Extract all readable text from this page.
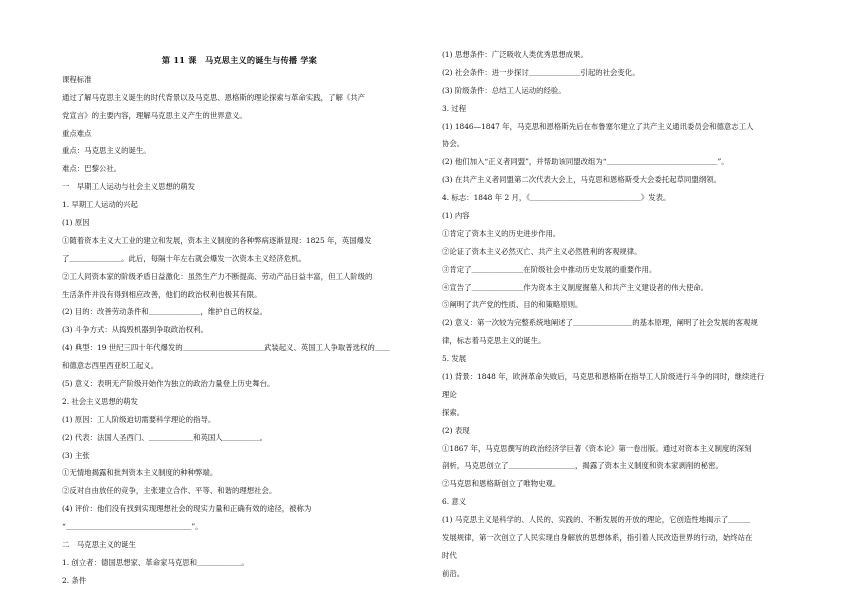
第 11 课　马克思主义的诞生与传播 学案
课程标准
通过了解马克思主义诞生的时代背景以及马克思、恩格斯的理论探索与革命实践，了解《共产
党宣言》的主要内容，理解马克思主义产生的世界意义。
重点难点
重点：马克思主义的诞生。
难点：巴黎公社。
一　早期工人运动与社会主义思想的萌发
1. 早期工人运动的兴起
(1) 原因
①随着资本主义大工业的建立和发展，资本主义制度的各种弊病逐渐显现：1825 年，英国爆发
了＿＿＿＿＿＿＿。此后，每隔十年左右就会爆发一次资本主义经济危机。
②工人同资本家的阶级矛盾日益激化：虽然生产力不断提高、劳动产品日益丰富，但工人阶级的
生活条件并没有得到相应改善，他们的政治权利也极其有限。
(2) 目的：改善劳动条件和＿＿＿＿＿＿＿，维护自己的权益。
(3) 斗争方式：从捣毁机器到争取政治权利。
(4) 典型：19 世纪三四十年代爆发的＿＿＿＿＿＿＿＿＿＿＿武装起义、英国工人争取普选权的＿＿
和德意志西里西亚织工起义。
(5) 意义：表明无产阶级开始作为独立的政治力量登上历史舞台。
2. 社会主义思想的萌发
(1) 原因：工人阶级迫切需要科学理论的指导。
(2) 代表：法国人圣西门、＿＿＿＿＿＿和英国人＿＿＿＿＿。
(3) 主张
①无情地揭露和批判资本主义制度的种种弊端。
②反对自由放任的竞争，主张建立合作、平等、和谐的理想社会。
(4) 评价：他们没有找到实现理想社会的现实力量和正确有效的途径，被称为
“＿＿＿＿＿＿＿＿＿＿＿＿＿＿＿＿＿”。
二　马克思主义的诞生
1. 创立者：德国思想家、革命家马克思和＿＿＿＿＿＿。
2. 条件
(1) 思想条件：广泛吸收人类优秀思想成果。
(2) 社会条件：进一步探讨＿＿＿＿＿＿＿引起的社会变化。
(3) 阶级条件：总结工人运动的经验。
3. 过程
(1) 1846—1847 年，马克思和恩格斯先后在布鲁塞尔建立了共产主义通讯委员会和德意志工人
协会。
(2) 他们加入“正义者同盟”，并帮助该同盟改组为“＿＿＿＿＿＿＿＿＿＿＿＿＿＿＿”。
(3) 在共产主义者同盟第二次代表大会上，马克思和恩格斯受大会委托起草同盟纲领。
4. 标志：1848 年 2 月，《＿＿＿＿＿＿＿＿＿＿＿＿＿＿＿》发表。
(1) 内容
①肯定了资本主义的历史进步作用。
②论证了资本主义必然灭亡、共产主义必然胜利的客观规律。
③肯定了＿＿＿＿＿＿＿在阶级社会中推动历史发展的重要作用。
④宣告了＿＿＿＿＿＿＿作为资本主义制度掘墓人和共产主义建设者的伟大使命。
⑤阐明了共产党的性质、目的和策略原则。
(2) 意义：第一次较为完整系统地阐述了＿＿＿＿＿＿＿＿的基本原理，阐明了社会发展的客观规
律，标志着马克思主义的诞生。
5. 发展
(1) 背景：1848 年，欧洲革命失败后，马克思和恩格斯在指导工人阶级进行斗争的同时，继续进行
理论
探索。
(2) 表现
①1867 年，马克思撰写的政治经济学巨著《资本论》第一卷出版。通过对资本主义制度的深刻
剖析，马克思创立了＿＿＿＿＿＿＿＿＿，揭露了资本主义制度和资本家剥削的秘密。
②马克思和恩格斯创立了唯物史观。
6. 意义
(1) 马克思主义是科学的、人民的、实践的、不断发展的开放的理论，它创造性地揭示了＿＿＿
发展规律，第一次创立了人民实现自身解放的思想体系，指引着人民改造世界的行动，始终站在
时代
前沿。
